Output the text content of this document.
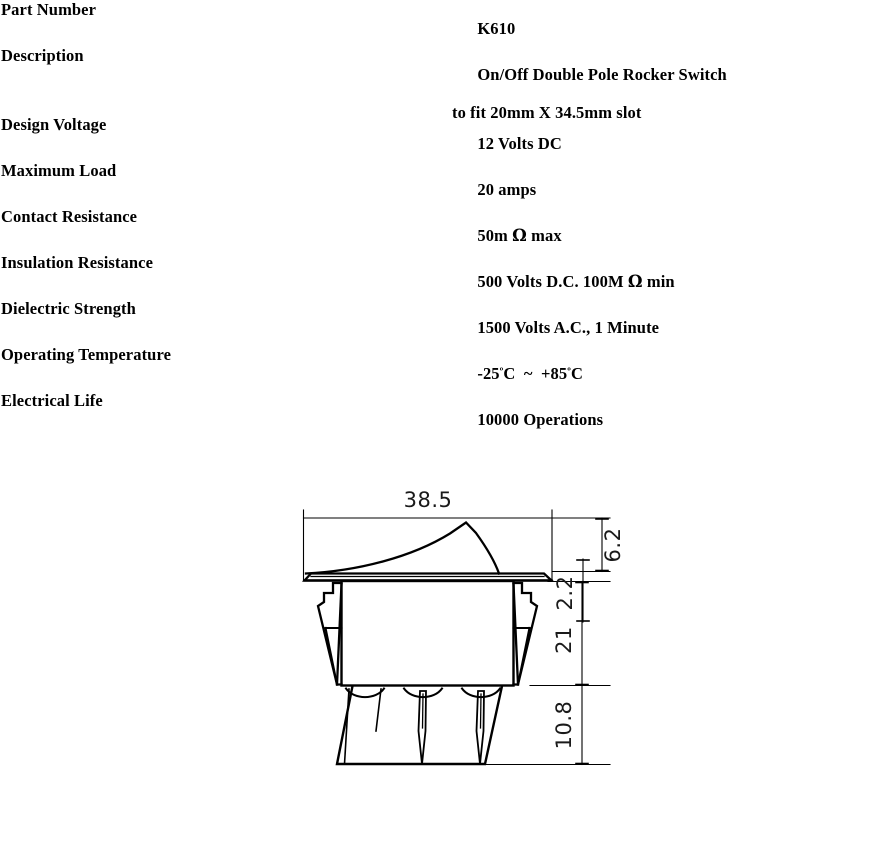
Part Number

K610

Description

On/Off Double Pole Rocker Switch

to fit 20mm X 34.5mm slot

Design Voltage

12 Volts DC

Maximum Load

20 amps

Contact Resistance

50m Ω max

Insulation Resistance

500 Volts D.C. 100M Ω min

Dielectric Strength

1500 Volts A.C., 1 Minute

Operating Temperature

$-25^ºC$  ~  $+85^ºC$

Electrical Life

10000 Operations

38.5
6.2
2.2
21
10.8
